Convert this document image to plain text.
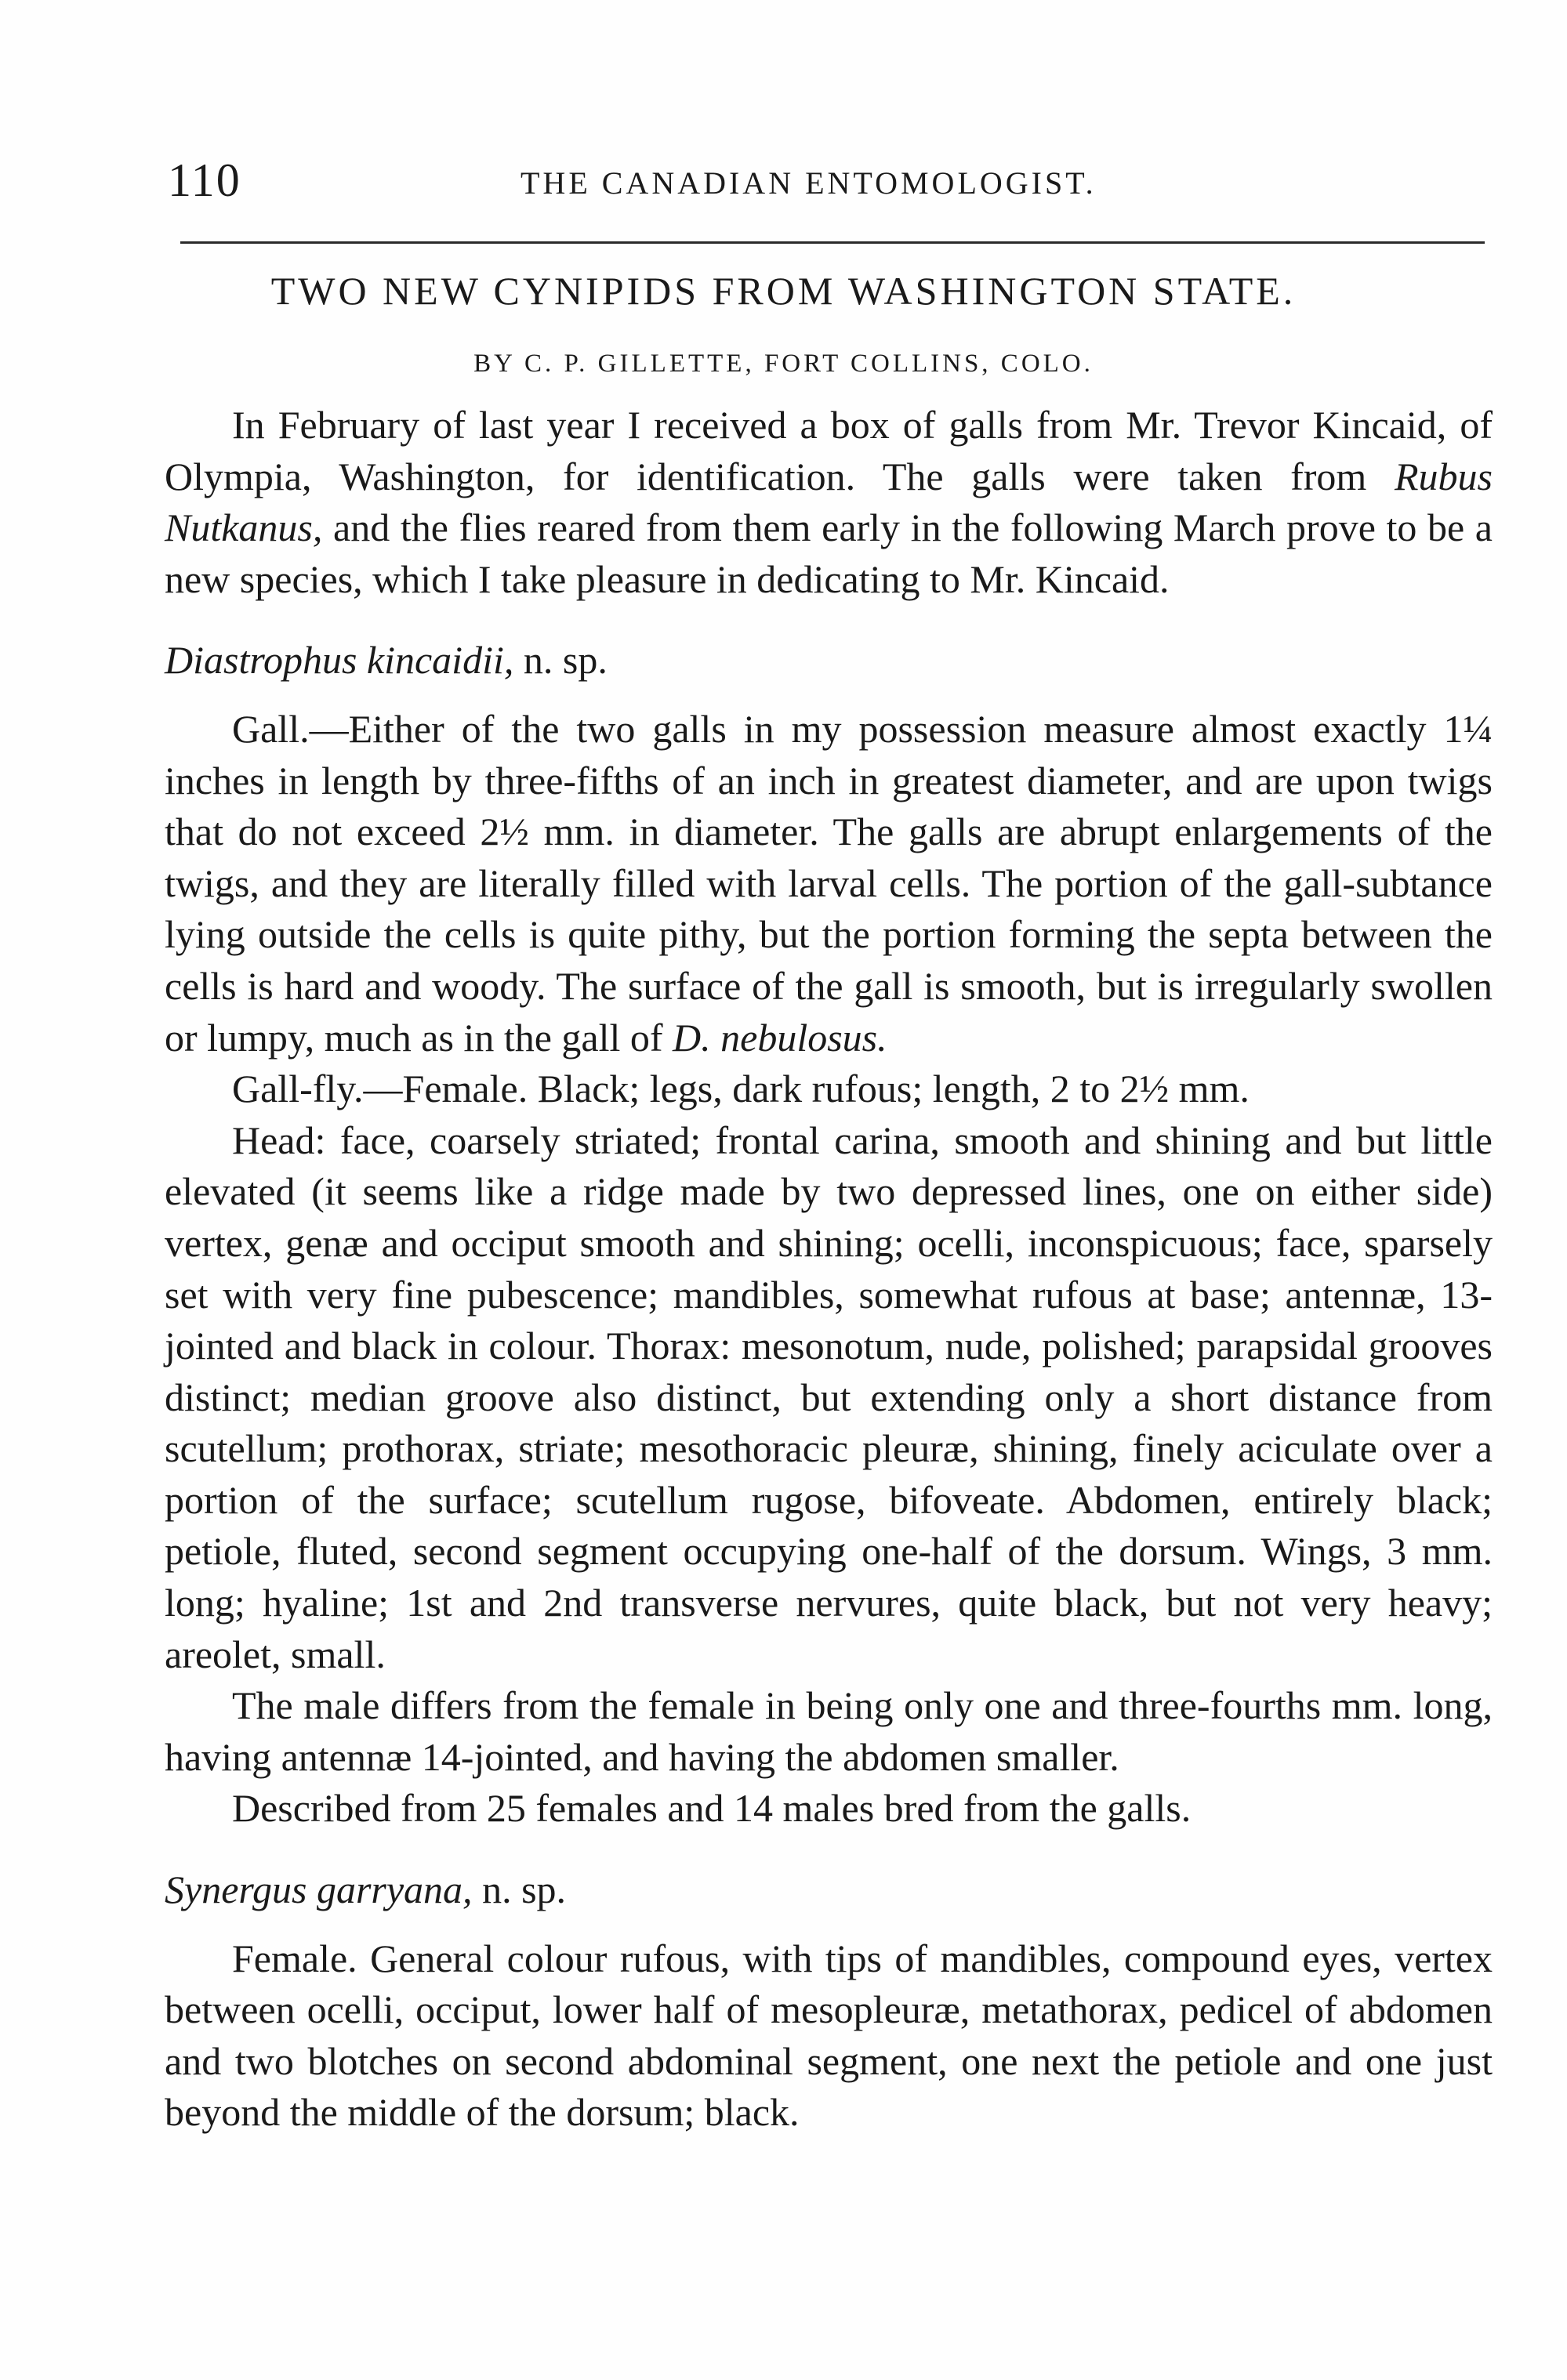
110	THE CANADIAN ENTOMOLOGIST.
TWO NEW CYNIPIDS FROM WASHINGTON STATE.
BY C. P. GILLETTE, FORT COLLINS, COLO.

In February of last year I received a box of galls from Mr. Trevor Kincaid, of Olympia, Washington, for identification. The galls were taken from Rubus Nutkanus, and the flies reared from them early in the following March prove to be a new species, which I take pleasure in dedicating to Mr. Kincaid.

Diastrophus kincaidii, n. sp.

Gall.—Either of the two galls in my possession measure almost exactly 1¼ inches in length by three-fifths of an inch in greatest diameter, and are upon twigs that do not exceed 2½ mm. in diameter. The galls are abrupt enlargements of the twigs, and they are literally filled with larval cells. The portion of the gall-subtance lying outside the cells is quite pithy, but the portion forming the septa between the cells is hard and woody. The surface of the gall is smooth, but is irregularly swollen or lumpy, much as in the gall of D. nebulosus.

Gall-fly.—Female. Black; legs, dark rufous; length, 2 to 2½ mm.

Head: face, coarsely striated; frontal carina, smooth and shining and but little elevated (it seems like a ridge made by two depressed lines, one on either side) vertex, genæ and occiput smooth and shining; ocelli, inconspicuous; face, sparsely set with very fine pubescence; mandibles, somewhat rufous at base; antennæ, 13-jointed and black in colour. Thorax: mesonotum, nude, polished; parapsidal grooves distinct; median groove also distinct, but extending only a short distance from scutellum; prothorax, striate; mesothoracic pleuræ, shining, finely aciculate over a portion of the surface; scutellum rugose, bifoveate. Abdomen, entirely black; petiole, fluted, second segment occupying one-half of the dorsum. Wings, 3 mm. long; hyaline; 1st and 2nd transverse nervures, quite black, but not very heavy; areolet, small.

The male differs from the female in being only one and three-fourths mm. long, having antennæ 14-jointed, and having the abdomen smaller.

Described from 25 females and 14 males bred from the galls.

Synergus garryana, n. sp.

Female. General colour rufous, with tips of mandibles, compound eyes, vertex between ocelli, occiput, lower half of mesopleuræ, metathorax, pedicel of abdomen and two blotches on second abdominal segment, one next the petiole and one just beyond the middle of the dorsum; black.
